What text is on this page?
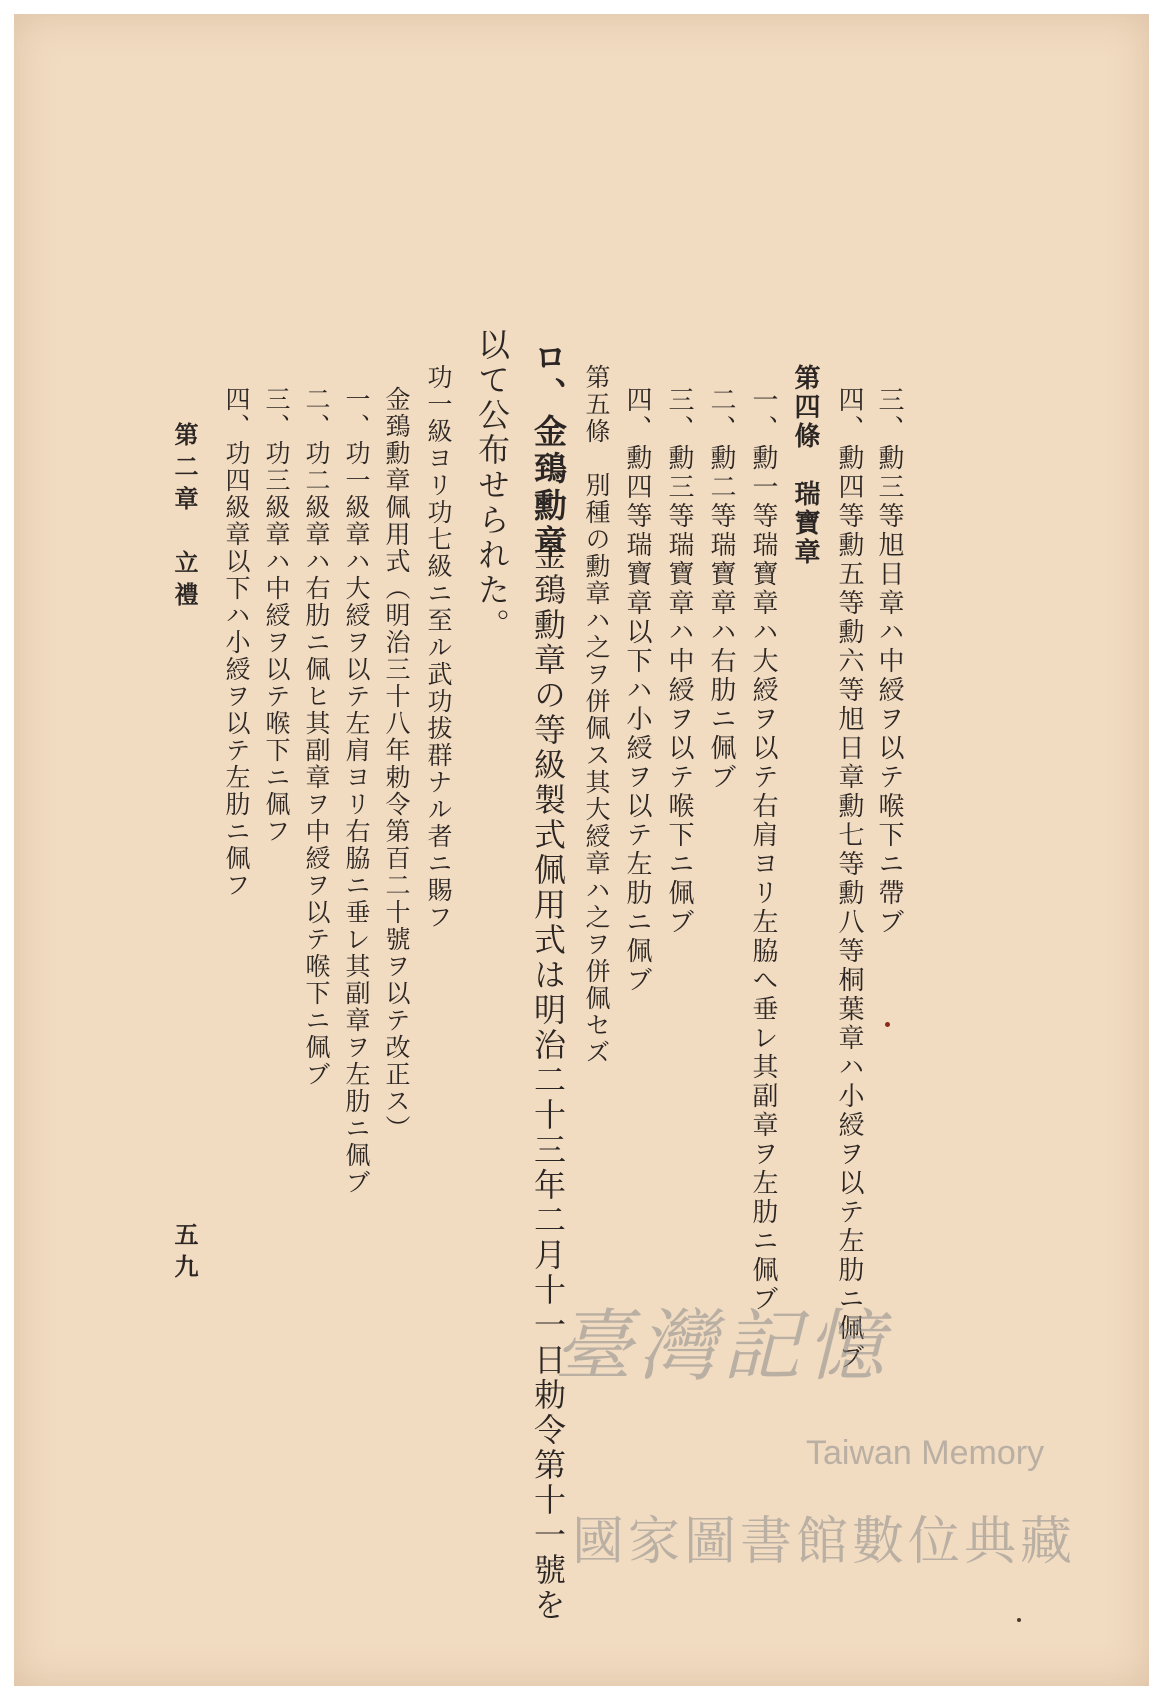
三、勳三等旭日章ハ中綬ヲ以テ喉下ニ帶ブ
四、勳四等勳五等勳六等旭日章勳七等勳八等桐葉章ハ小綬ヲ以テ左肋ニ佩ブ
第四條　瑞寶章
一、勳一等瑞寶章ハ大綬ヲ以テ右肩ヨリ左脇へ垂レ其副章ヲ左肋ニ佩ブ
二、勳二等瑞寶章ハ右肋ニ佩ブ
三、勳三等瑞寶章ハ中綬ヲ以テ喉下ニ佩ブ
四、勳四等瑞寶章以下ハ小綬ヲ以テ左肋ニ佩ブ
第五條　別種の勳章ハ之ヲ併佩ス其大綬章ハ之ヲ併佩セズ
ロ、金鵄勳章
金鵄勳章の等級製式佩用式は明治二十三年二月十一日勅令第十一號を
以て公布せられた。
功一級ヨリ功七級ニ至ル武功拔群ナル者ニ賜フ
金鵄勳章佩用式（明治三十八年勅令第百二十號ヲ以テ改正ス）
一、功一級章ハ大綬ヲ以テ左肩ヨリ右脇ニ垂レ其副章ヲ左肋ニ佩ブ
二、功二級章ハ右肋ニ佩ヒ其副章ヲ中綬ヲ以テ喉下ニ佩ブ
三、功三級章ハ中綬ヲ以テ喉下ニ佩フ
四、功四級章以下ハ小綬ヲ以テ左肋ニ佩フ
第二章　立禮
五九
臺灣記憶
Taiwan Memory
國家圖書館數位典藏
